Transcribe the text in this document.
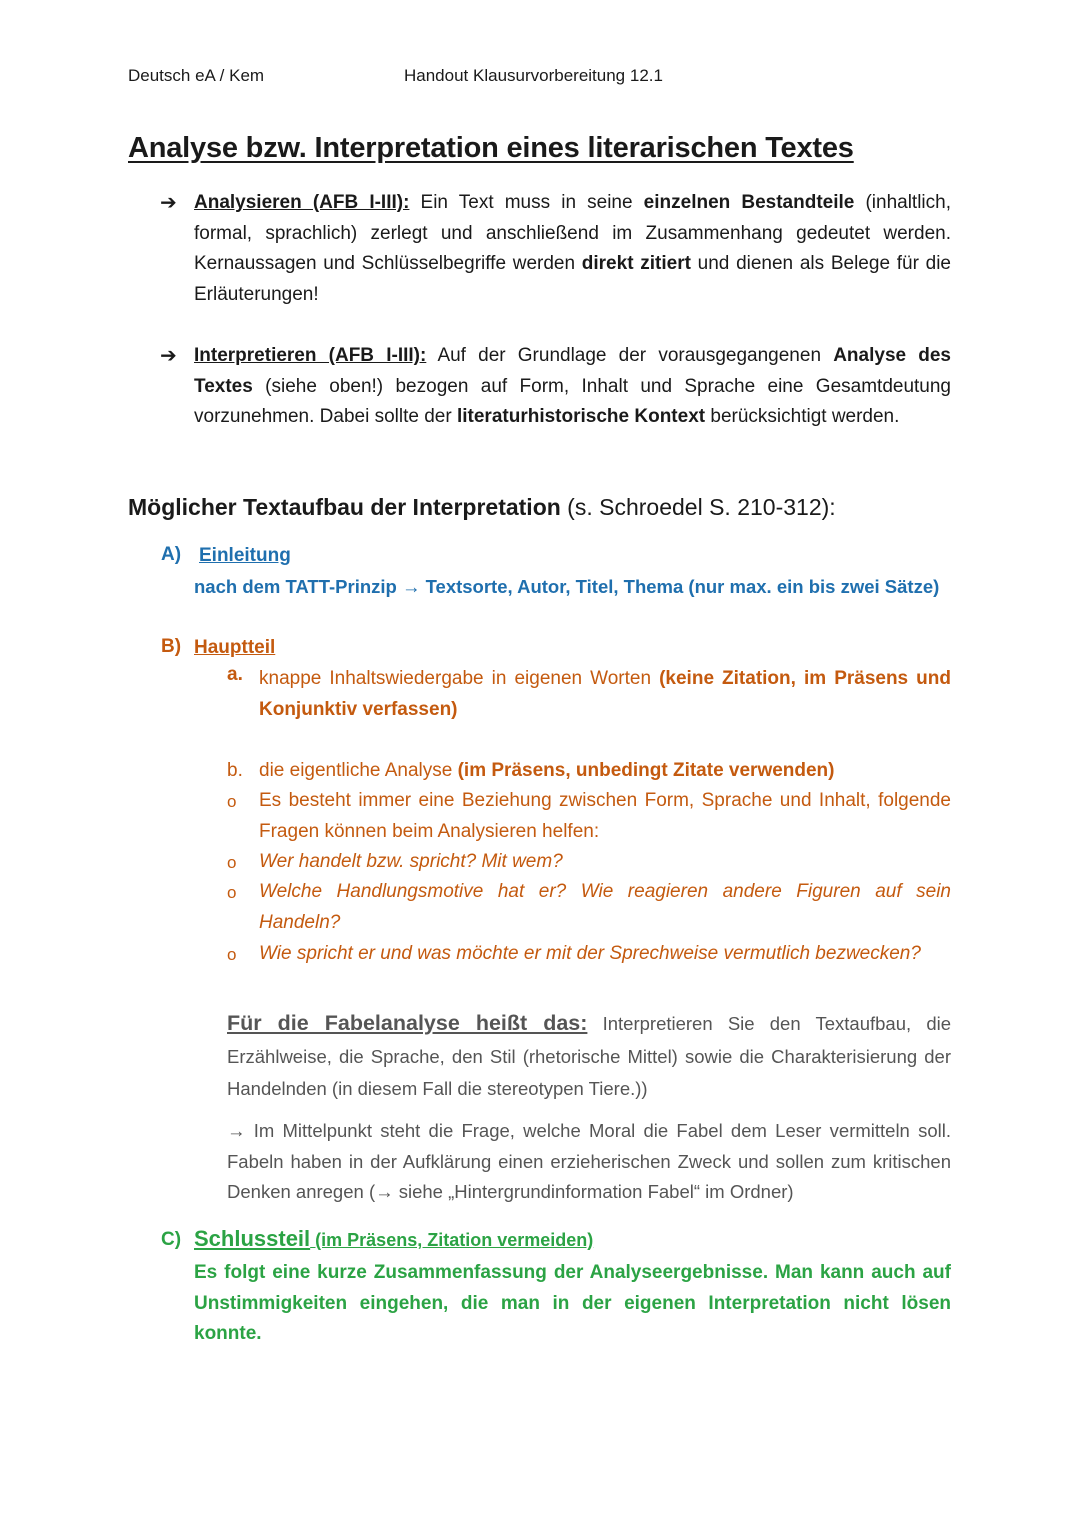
Deutsch eA / Kem	Handout Klausurvorbereitung 12.1
Analyse bzw. Interpretation eines literarischen Textes
➔ Analysieren (AFB I-III): Ein Text muss in seine einzelnen Bestandteile (inhaltlich, formal, sprachlich) zerlegt und anschließend im Zusammenhang gedeutet werden. Kernaussagen und Schlüsselbegriffe werden direkt zitiert und dienen als Belege für die Erläuterungen!

➔ Interpretieren (AFB I-III): Auf der Grundlage der vorausgegangenen Analyse des Textes (siehe oben!) bezogen auf Form, Inhalt und Sprache eine Gesamtdeutung vorzunehmen. Dabei sollte der literaturhistorische Kontext berücksichtigt werden.

Möglicher Textaufbau der Interpretation (s. Schroedel S. 210-312):
A) Einleitung
nach dem TATT-Prinzip → Textsorte, Autor, Titel, Thema (nur max. ein bis zwei Sätze)
B) Hauptteil
a. knappe Inhaltswiedergabe in eigenen Worten (keine Zitation, im Präsens und Konjunktiv verfassen)

b. die eigentliche Analyse (im Präsens, unbedingt Zitate verwenden)
o Es besteht immer eine Beziehung zwischen Form, Sprache und Inhalt, folgende Fragen können beim Analysieren helfen:

o Wer handelt bzw. spricht? Mit wem?
o Welche Handlungsmotive hat er? Wie reagieren andere Figuren auf sein Handeln?

o Wie spricht er und was möchte er mit der Sprechweise vermutlich bezwecken?

Für die Fabelanalyse heißt das: Interpretieren Sie den Textaufbau, die Erzählweise, die Sprache, den Stil (rhetorische Mittel) sowie die Charakterisierung der Handelnden (in diesem Fall die stereotypen Tiere.))

→ Im Mittelpunkt steht die Frage, welche Moral die Fabel dem Leser vermitteln soll. Fabeln haben in der Aufklärung einen erzieherischen Zweck und sollen zum kritischen Denken anregen (→ siehe „Hintergrundinformation Fabel“ im Ordner)

C) Schlussteil (im Präsens, Zitation vermeiden)

Es folgt eine kurze Zusammenfassung der Analyseergebnisse. Man kann auch auf Unstimmigkeiten eingehen, die man in der eigenen Interpretation nicht lösen konnte.
